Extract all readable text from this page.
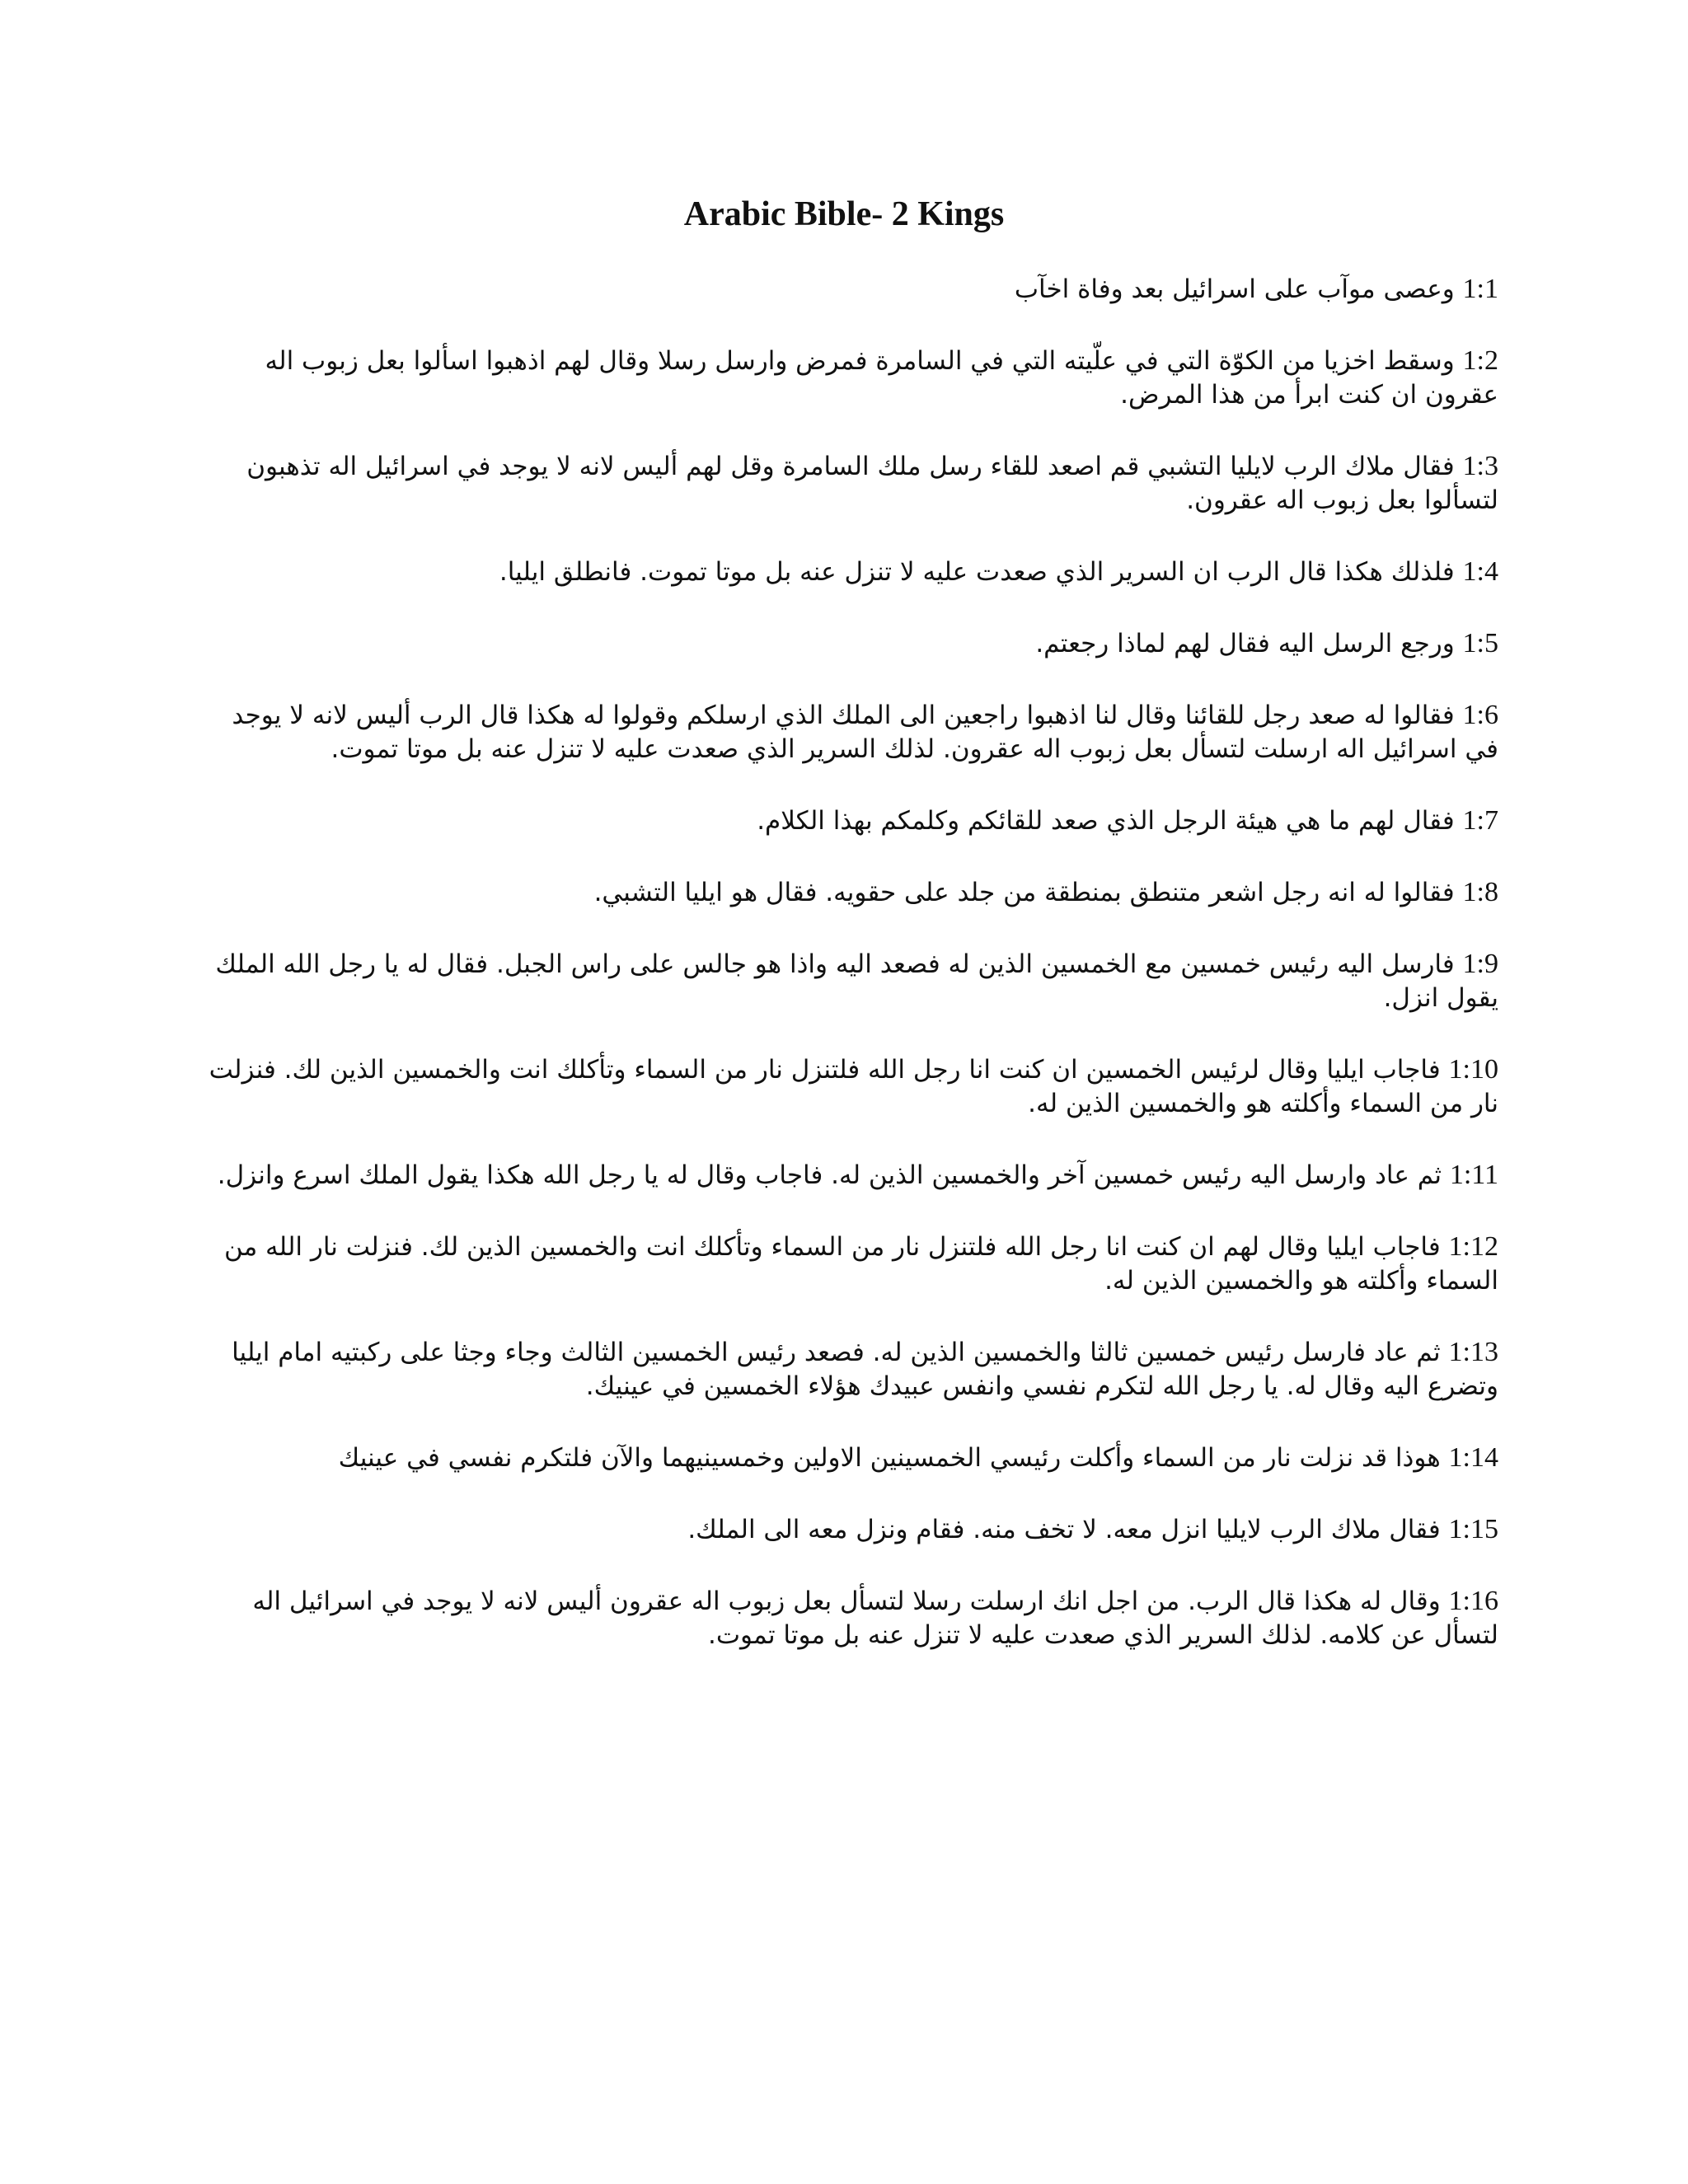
Arabic Bible- 2 Kings

1:1 وعصى موآب على اسرائيل بعد وفاة اخآب

1:2 وسقط اخزيا من الكوّة التي في علّيته التي في السامرة فمرض وارسل رسلا وقال لهم اذهبوا اسألوا بعل زبوب اله عقرون ان كنت ابرأ من هذا المرض.

1:3 فقال ملاك الرب لايليا التشبي قم اصعد للقاء رسل ملك السامرة وقل لهم أليس لانه لا يوجد في اسرائيل اله تذهبون لتسألوا بعل زبوب اله عقرون.

1:4 فلذلك هكذا قال الرب ان السرير الذي صعدت عليه لا تنزل عنه بل موتا تموت. فانطلق ايليا.

1:5 ورجع الرسل اليه فقال لهم لماذا رجعتم.

1:6 فقالوا له صعد رجل للقائنا وقال لنا اذهبوا راجعين الى الملك الذي ارسلكم وقولوا له هكذا قال الرب أليس لانه لا يوجد في اسرائيل اله ارسلت لتسأل بعل زبوب اله عقرون. لذلك السرير الذي صعدت عليه لا تنزل عنه بل موتا تموت.

1:7 فقال لهم ما هي هيئة الرجل الذي صعد للقائكم وكلمكم بهذا الكلام.

1:8 فقالوا له انه رجل اشعر متنطق بمنطقة من جلد على حقويه. فقال هو ايليا التشبي.

1:9 فارسل اليه رئيس خمسين مع الخمسين الذين له فصعد اليه واذا هو جالس على راس الجبل. فقال له يا رجل الله الملك يقول انزل.

1:10 فاجاب ايليا وقال لرئيس الخمسين ان كنت انا رجل الله فلتنزل نار من السماء وتأكلك انت والخمسين الذين لك. فنزلت نار من السماء وأكلته هو والخمسين الذين له.

1:11 ثم عاد وارسل اليه رئيس خمسين آخر والخمسين الذين له. فاجاب وقال له يا رجل الله هكذا يقول الملك اسرع وانزل.

1:12 فاجاب ايليا وقال لهم ان كنت انا رجل الله فلتنزل نار من السماء وتأكلك انت والخمسين الذين لك. فنزلت نار الله من السماء وأكلته هو والخمسين الذين له.

1:13 ثم عاد فارسل رئيس خمسين ثالثا والخمسين الذين له. فصعد رئيس الخمسين الثالث وجاء وجثا على ركبتيه امام ايليا وتضرع اليه وقال له. يا رجل الله لتكرم نفسي وانفس عبيدك هؤلاء الخمسين في عينيك.

1:14 هوذا قد نزلت نار من السماء وأكلت رئيسي الخمسينين الاولين وخمسينيهما والآن فلتكرم نفسي في عينيك

1:15 فقال ملاك الرب لايليا انزل معه. لا تخف منه. فقام ونزل معه الى الملك.

1:16 وقال له هكذا قال الرب. من اجل انك ارسلت رسلا لتسأل بعل زبوب اله عقرون أليس لانه لا يوجد في اسرائيل اله لتسأل عن كلامه. لذلك السرير الذي صعدت عليه لا تنزل عنه بل موتا تموت.
